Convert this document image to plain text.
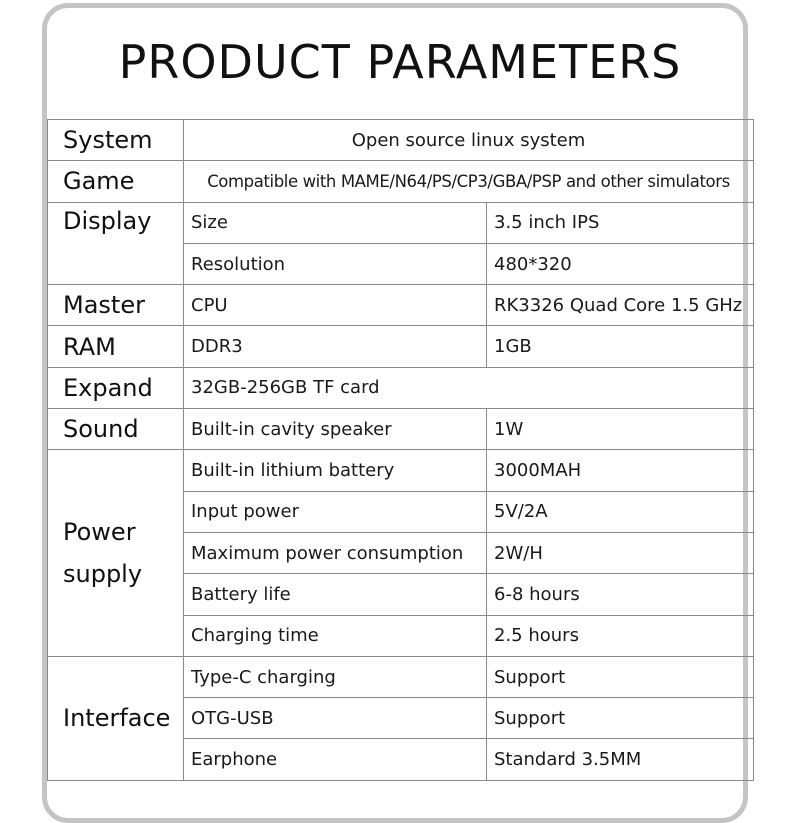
PRODUCT PARAMETERS
System	Open source linux system	
Game	Compatible with MAME/N64/PS/CP3/GBA/PSP and other simulators	
Display	Size	3.5 inch IPS
	Resolution	480*320
Master	CPU	RK3326 Quad Core 1.5 GHz
RAM	DDR3	1GB
Expand	32GB-256GB TF card	
Sound	Built-in cavity speaker	1W

Power
supply	Built-in lithium battery	3000MAH
	Input power	5V/2A
	Maximum power consumption	2W/H
	Battery life	6-8 hours
	Charging time	2.5 hours
Interface	Type-C charging	Support
	OTG-USB	Support
	Earphone	Standard 3.5MM
